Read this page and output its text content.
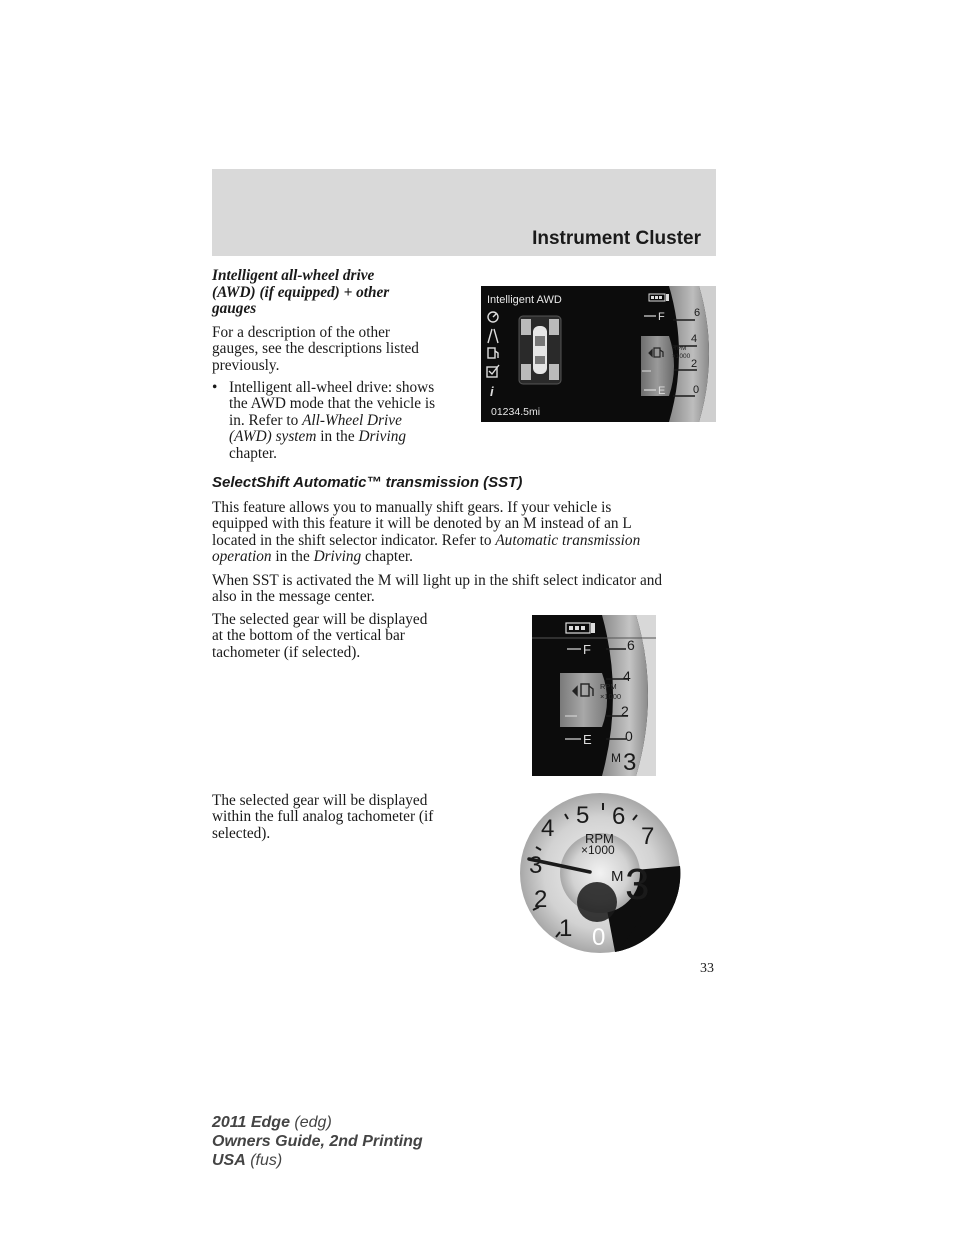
Instrument Cluster
Intelligent all-wheel drive
(AWD) (if equipped) + other
gauges
For a description of the other
gauges, see the descriptions listed
previously.
• Intelligent all-wheel drive: shows
the AWD mode that the vehicle is
in. Refer to All-Wheel Drive
(AWD) system in the Driving
chapter.
Intelligent AWD
i
01234.5mi
F
E
RPM
×1000
6
4
2
0
SelectShift Automatic™ transmission (SST)
This feature allows you to manually shift gears. If your vehicle is
equipped with this feature it will be denoted by an M instead of an L
located in the shift selector indicator. Refer to Automatic transmission
operation in the Driving chapter.
When SST is activated the M will light up in the shift select indicator and
also in the message center.
The selected gear will be displayed
at the bottom of the vertical bar
tachometer (if selected).	F
E
RPM
×1000
6
4
2
0
M 3
The selected gear will be displayed
within the full analog tachometer (if
selected).	4 5 6
7
3
2
1 0
RPM
×1000
M 3
33
2011 Edge (edg)
Owners Guide, 2nd Printing
USA (fus)
